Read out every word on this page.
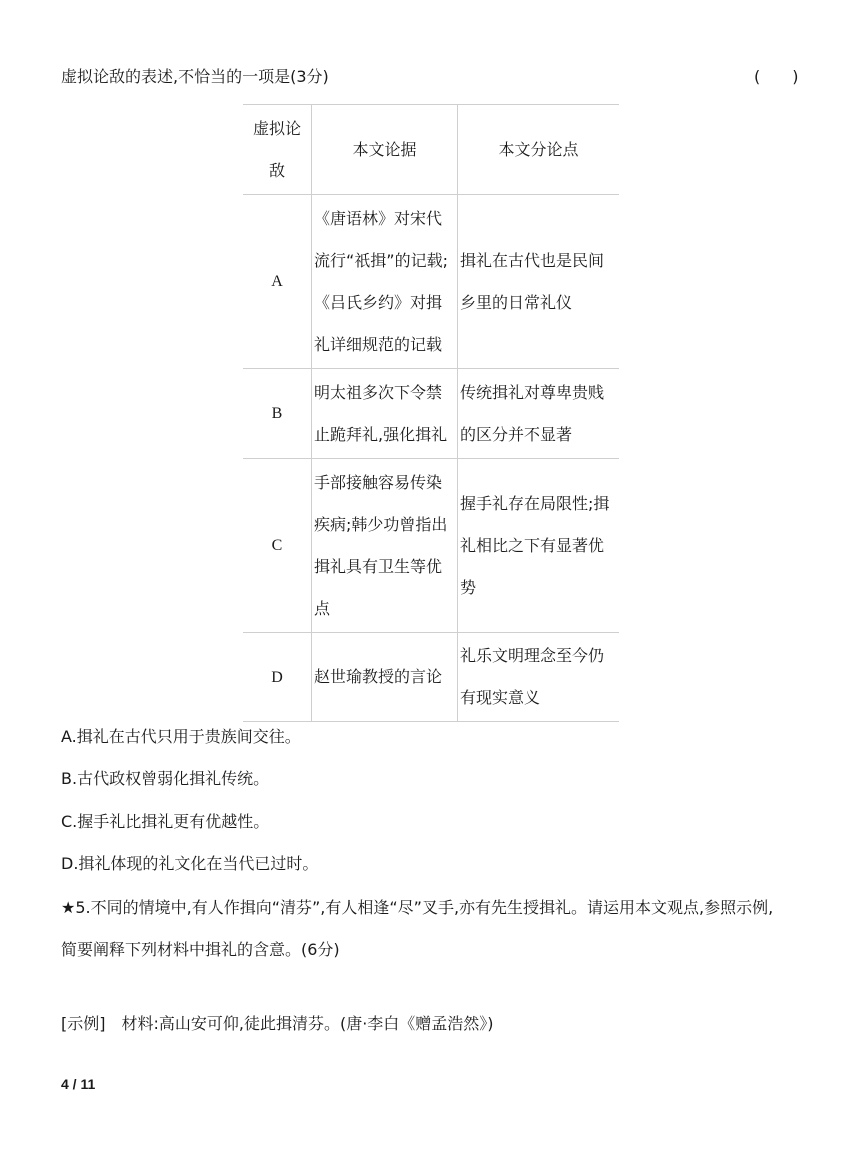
虚拟论敌的表述,不恰当的一项是(3分)	(　　)
虚拟论敌	本文论据	本文分论点
A	《唐语林》对宋代流行“祇揖”的记载;《吕氏乡约》对揖礼详细规范的记载	揖礼在古代也是民间乡里的日常礼仪

B	明太祖多次下令禁止跪拜礼,强化揖礼	传统揖礼对尊卑贵贱的区分并不显著

C	手部接触容易传染疾病;韩少功曾指出揖礼具有卫生等优点	握手礼存在局限性;揖礼相比之下有显著优势

D	赵世瑜教授的言论	礼乐文明理念至今仍有现实意义
A.揖礼在古代只用于贵族间交往。
B.古代政权曾弱化揖礼传统。
C.握手礼比揖礼更有优越性。
D.揖礼体现的礼文化在当代已过时。
★5.不同的情境中,有人作揖向“清芬”,有人相逢“尽”叉手,亦有先生授揖礼。请运用本文观点,参照示例,
简要阐释下列材料中揖礼的含意。(6分)
[示例]　材料:高山安可仰,徒此揖清芬。(唐·李白《赠孟浩然》)
4 / 11
